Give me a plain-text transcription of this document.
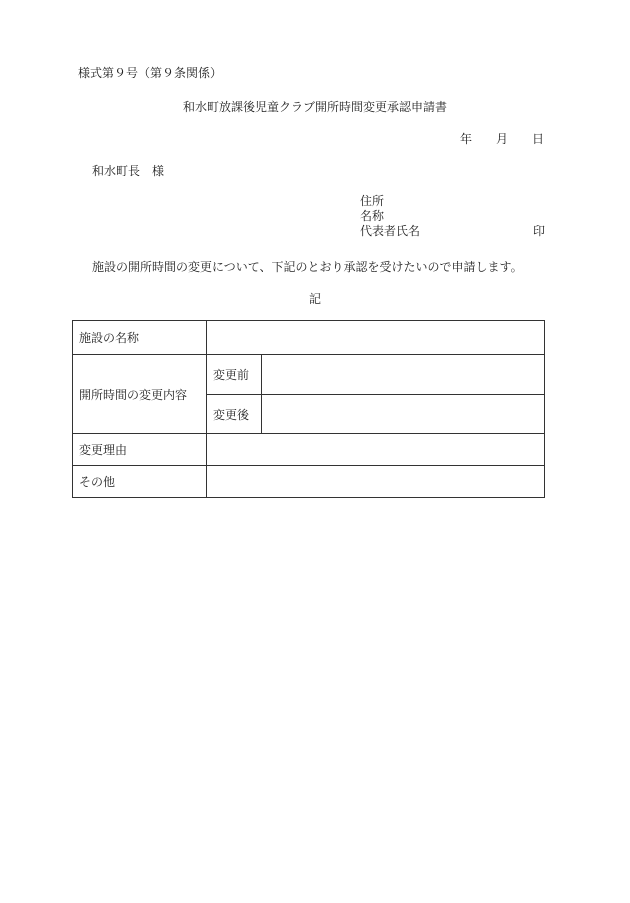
様式第９号（第９条関係）
和水町放課後児童クラブ開所時間変更承認申請書
年 月 日
和水町長　様
住所
名称
代表者氏名	印
施設の開所時間の変更について、下記のとおり承認を受けたいので申請します。
記
施設の名称		
開所時間の変更内容	変更前	
	変更後	
変更理由		
その他		
